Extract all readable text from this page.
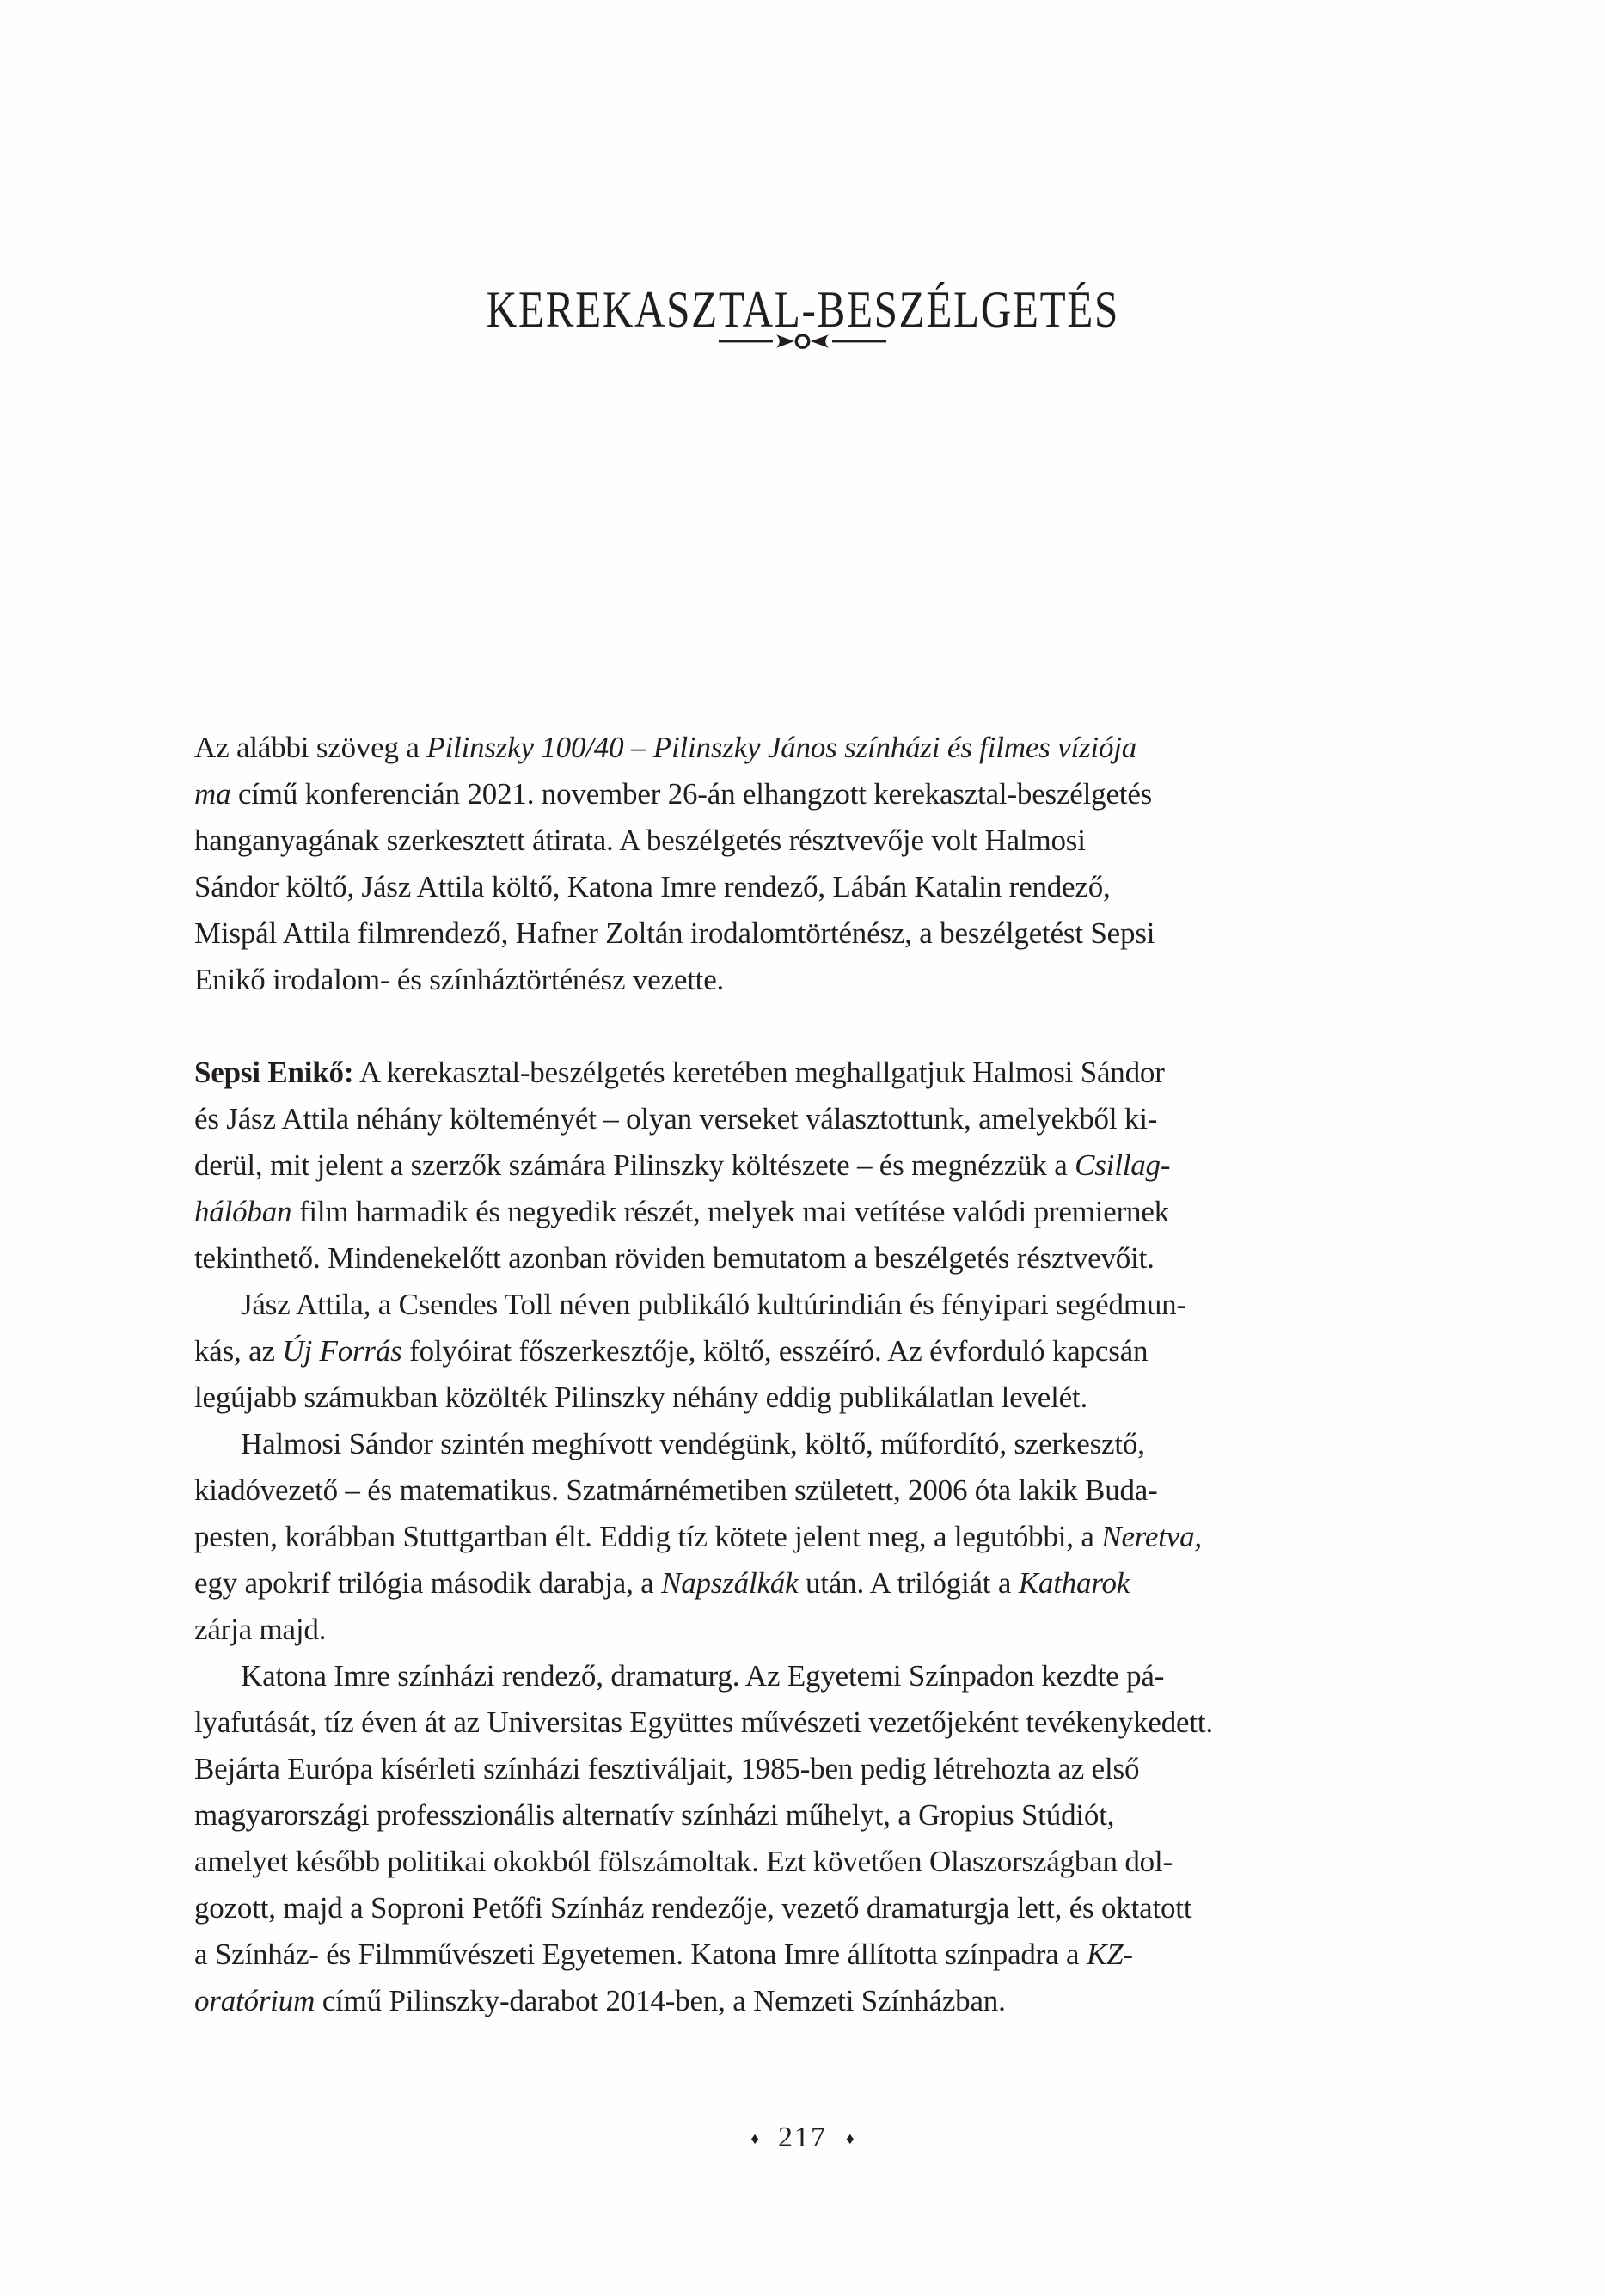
KEREKASZTAL-BESZÉLGETÉS
Az alábbi szöveg a Pilinszky 100/40 – Pilinszky János színházi és filmes víziója
ma című konferencián 2021. november 26-án elhangzott kerekasztal-beszélgetés
hanganyagának szerkesztett átirata. A beszélgetés résztvevője volt Halmosi
Sándor költő, Jász Attila költő, Katona Imre rendező, Lábán Katalin rendező,
Mispál Attila filmrendező, Hafner Zoltán irodalomtörténész, a beszélgetést Sepsi
Enikő irodalom- és színháztörténész vezette.
Sepsi Enikő: A kerekasztal-beszélgetés keretében meghallgatjuk Halmosi Sándor
és Jász Attila néhány költeményét – olyan verseket választottunk, amelyekből ki-
derül, mit jelent a szerzők számára Pilinszky költészete – és megnézzük a Csillag-
hálóban film harmadik és negyedik részét, melyek mai vetítése valódi premiernek
tekinthető. Mindenekelőtt azonban röviden bemutatom a beszélgetés résztvevőit.
Jász Attila, a Csendes Toll néven publikáló kultúrindián és fényipari segédmun-
kás, az Új Forrás folyóirat főszerkesztője, költő, esszéíró. Az évforduló kapcsán
legújabb számukban közölték Pilinszky néhány eddig publikálatlan levelét.
Halmosi Sándor szintén meghívott vendégünk, költő, műfordító, szerkesztő,
kiadóvezető – és matematikus. Szatmárnémetiben született, 2006 óta lakik Buda-
pesten, korábban Stuttgartban élt. Eddig tíz kötete jelent meg, a legutóbbi, a Neretva,
egy apokrif trilógia második darabja, a Napszálkák után. A trilógiát a Katharok
zárja majd.
Katona Imre színházi rendező, dramaturg. Az Egyetemi Színpadon kezdte pá-
lyafutását, tíz éven át az Universitas Együttes művészeti vezetőjeként tevékenykedett.
Bejárta Európa kísérleti színházi fesztiváljait, 1985-ben pedig létrehozta az első
magyarországi professzionális alternatív színházi műhelyt, a Gropius Stúdiót,
amelyet később politikai okokból fölszámoltak. Ezt követően Olaszországban dol-
gozott, majd a Soproni Petőfi Színház rendezője, vezető dramaturgja lett, és oktatott
a Színház- és Filmművészeti Egyetemen. Katona Imre állította színpadra a KZ-
oratórium című Pilinszky-darabot 2014-ben, a Nemzeti Színházban.
♦ 217 ♦
